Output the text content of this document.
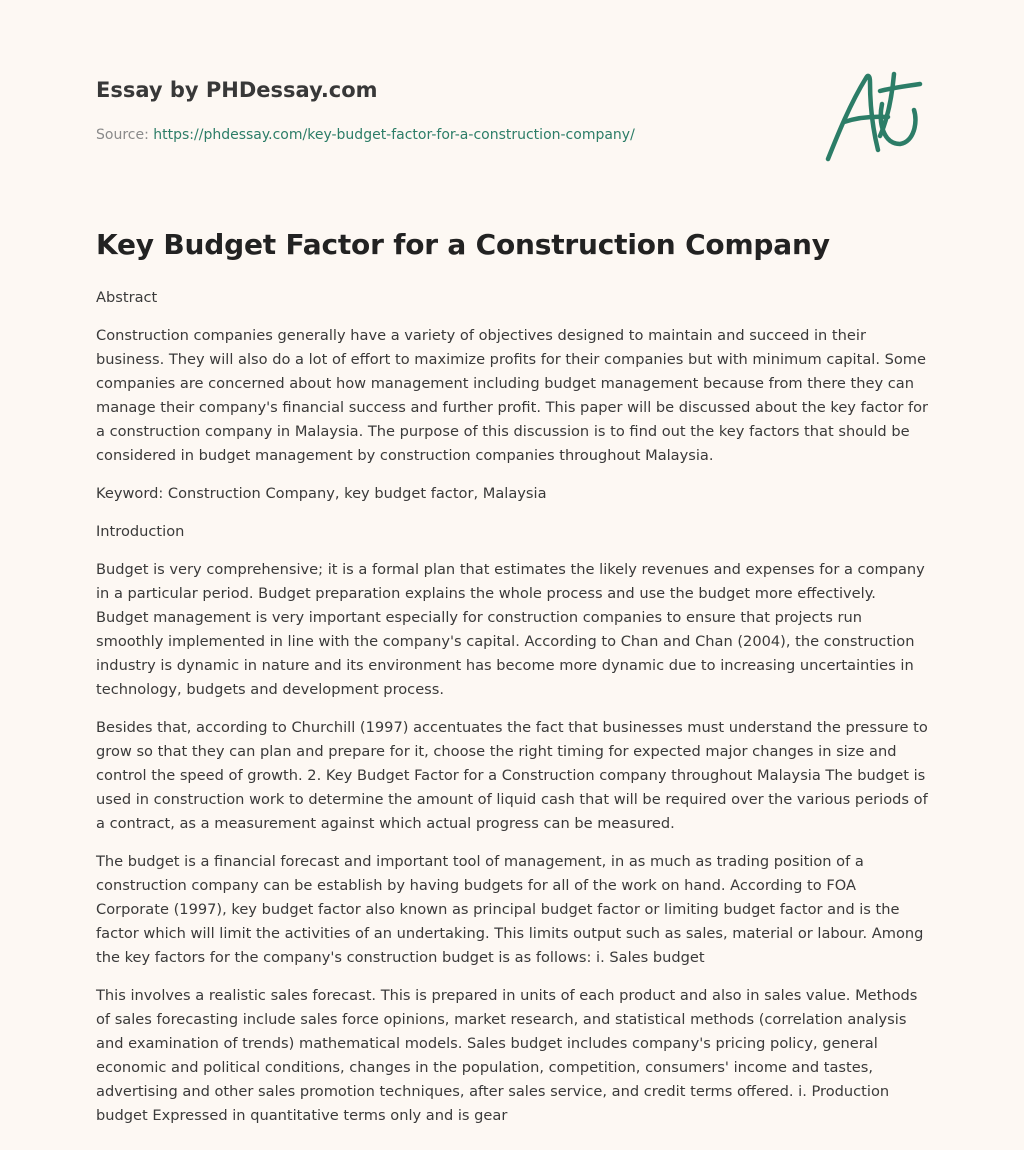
Essay by PHDessay.com

Source: https://phdessay.com/key-budget-factor-for-a-construction-company/
Key Budget Factor for a Construction Company

Abstract

Construction companies generally have a variety of objectives designed to maintain and succeed in their business. They will also do a lot of effort to maximize profits for their companies but with minimum capital. Some companies are concerned about how management including budget management because from there they can manage their company's financial success and further profit. This paper will be discussed about the key factor for a construction company in Malaysia. The purpose of this discussion is to find out the key factors that should be considered in budget management by construction companies throughout Malaysia.

Keyword: Construction Company, key budget factor, Malaysia

Introduction

Budget is very comprehensive; it is a formal plan that estimates the likely revenues and expenses for a company in a particular period. Budget preparation explains the whole process and use the budget more effectively. Budget management is very important especially for construction companies to ensure that projects run smoothly implemented in line with the company's capital. According to Chan and Chan (2004), the construction industry is dynamic in nature and its environment has become more dynamic due to increasing uncertainties in technology, budgets and development process.

Besides that, according to Churchill (1997) accentuates the fact that businesses must understand the pressure to grow so that they can plan and prepare for it, choose the right timing for expected major changes in size and control the speed of growth. 2. Key Budget Factor for a Construction company throughout Malaysia The budget is used in construction work to determine the amount of liquid cash that will be required over the various periods of a contract, as a measurement against which actual progress can be measured.

The budget is a financial forecast and important tool of management, in as much as trading position of a construction company can be establish by having budgets for all of the work on hand. According to FOA Corporate (1997), key budget factor also known as principal budget factor or limiting budget factor and is the factor which will limit the activities of an undertaking. This limits output such as sales, material or labour. Among the key factors for the company's construction budget is as follows: i. Sales budget

This involves a realistic sales forecast. This is prepared in units of each product and also in sales value. Methods of sales forecasting include sales force opinions, market research, and statistical methods (correlation analysis and examination of trends) mathematical models. Sales budget includes company's pricing policy, general economic and political conditions, changes in the population, competition, consumers' income and tastes, advertising and other sales promotion techniques, after sales service, and credit terms offered. i. Production budget Expressed in quantitative terms only and is gear
